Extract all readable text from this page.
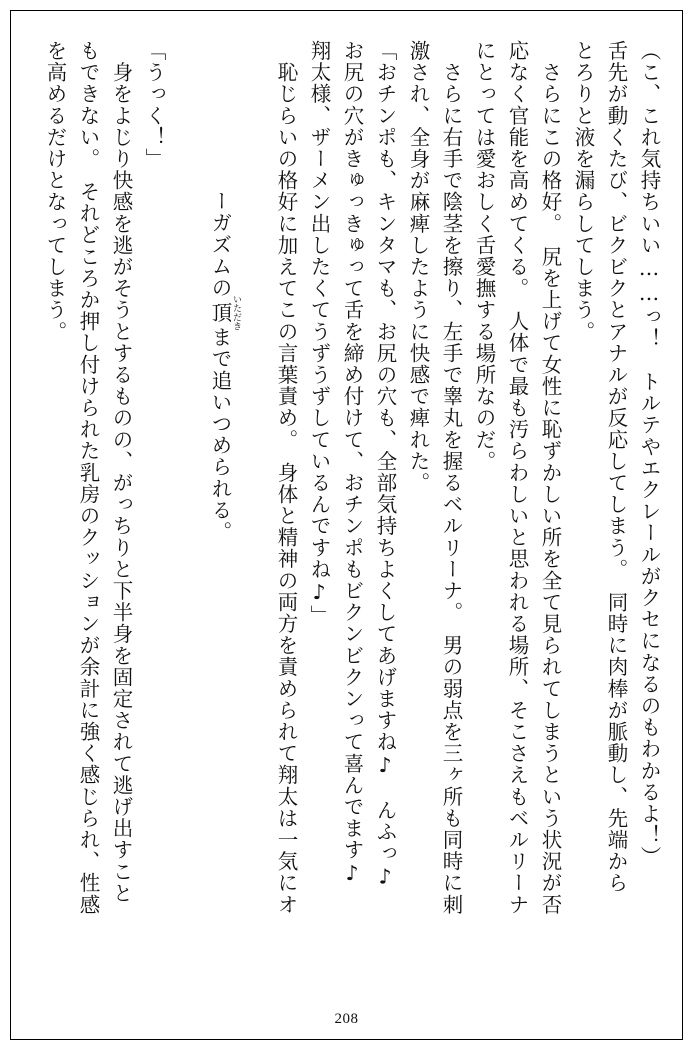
（こ、これ気持ちいい……っ！　トルテやエクレールがクセになるのもわかるよ！）
舌先が動くたび、ビクビクとアナルが反応してしまう。　同時に肉棒が脈動し、先端から
とろりと液を漏らしてしまう。
　さらにこの格好。　尻を上げて女性に恥ずかしい所を全て見られてしまうという状況が否
応なく官能を高めてくる。　人体で最も汚らわしいと思われる場所、そこさえもベルリーナ
にとっては愛おしく舌愛撫する場所なのだ。
　さらに右手で陰茎を擦り、左手で睾丸を握るベルリーナ。　男の弱点を三ヶ所も同時に刺
激され、全身が麻痺したように快感で痺れた。
「おチンポも、キンタマも、お尻の穴も、全部気持ちよくしてあげますね♪　んふっ♪
お尻の穴がきゅっきゅって舌を締め付けて、おチンポもビクンビクンって喜んでます♪
翔太様、ザーメン出したくてうずうずしているんですね♪」
　恥じらいの格好に加えてこの言葉責め。　身体と精神の両方を責められて翔太は一気にオ

ーガズムの頂 いただきまで追いつめられる。

「うっく！」
　身をよじり快感を逃がそうとするものの、がっちりと下半身を固定されて逃げ出すこと
もできない。　それどころか押し付けられた乳房のクッションが余計に強く感じられ、性感
を高めるだけとなってしまう。
208
